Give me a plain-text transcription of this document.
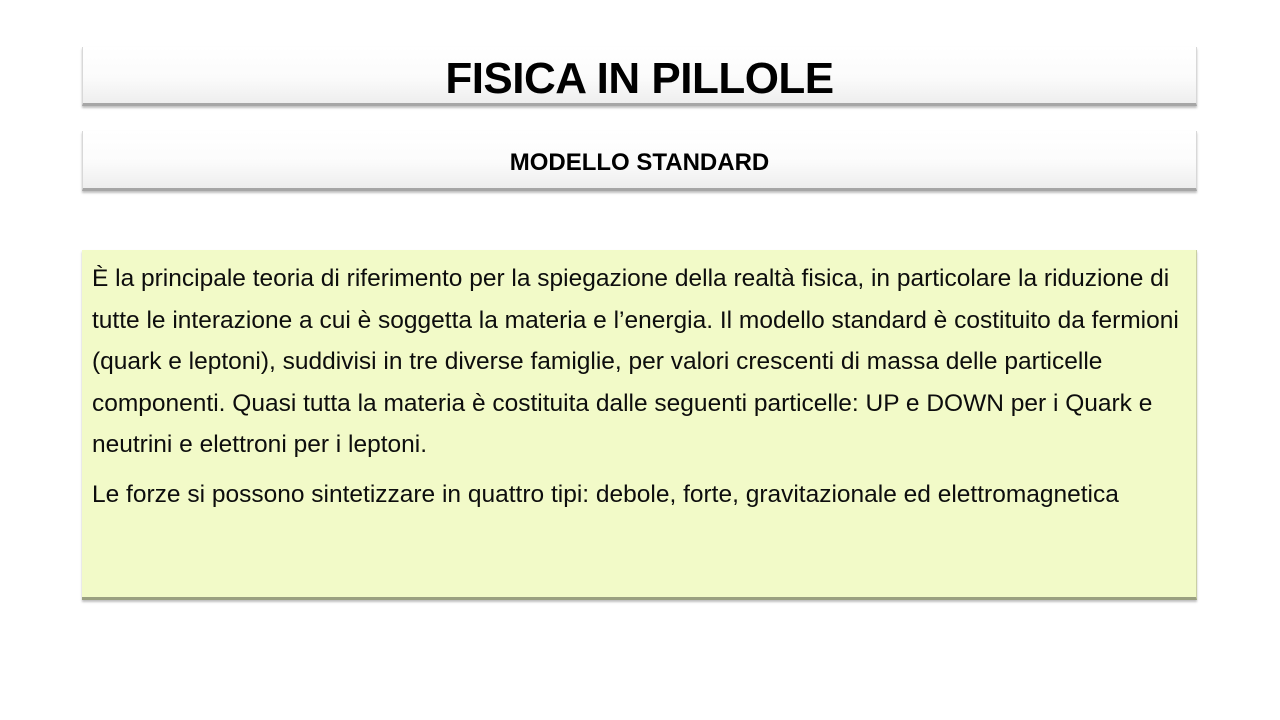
FISICA IN PILLOLE
MODELLO STANDARD

È la principale teoria di riferimento per la spiegazione della realtà fisica, in particolare la riduzione di tutte le interazione a cui è soggetta la materia e l’energia. Il modello standard è costituito da fermioni (quark e leptoni), suddivisi in tre diverse famiglie, per valori crescenti di massa delle particelle componenti. Quasi tutta la materia è costituita dalle seguenti particelle: UP e DOWN per i Quark e neutrini e elettroni per i leptoni.

Le forze si possono sintetizzare in quattro tipi: debole, forte, gravitazionale ed elettromagnetica
